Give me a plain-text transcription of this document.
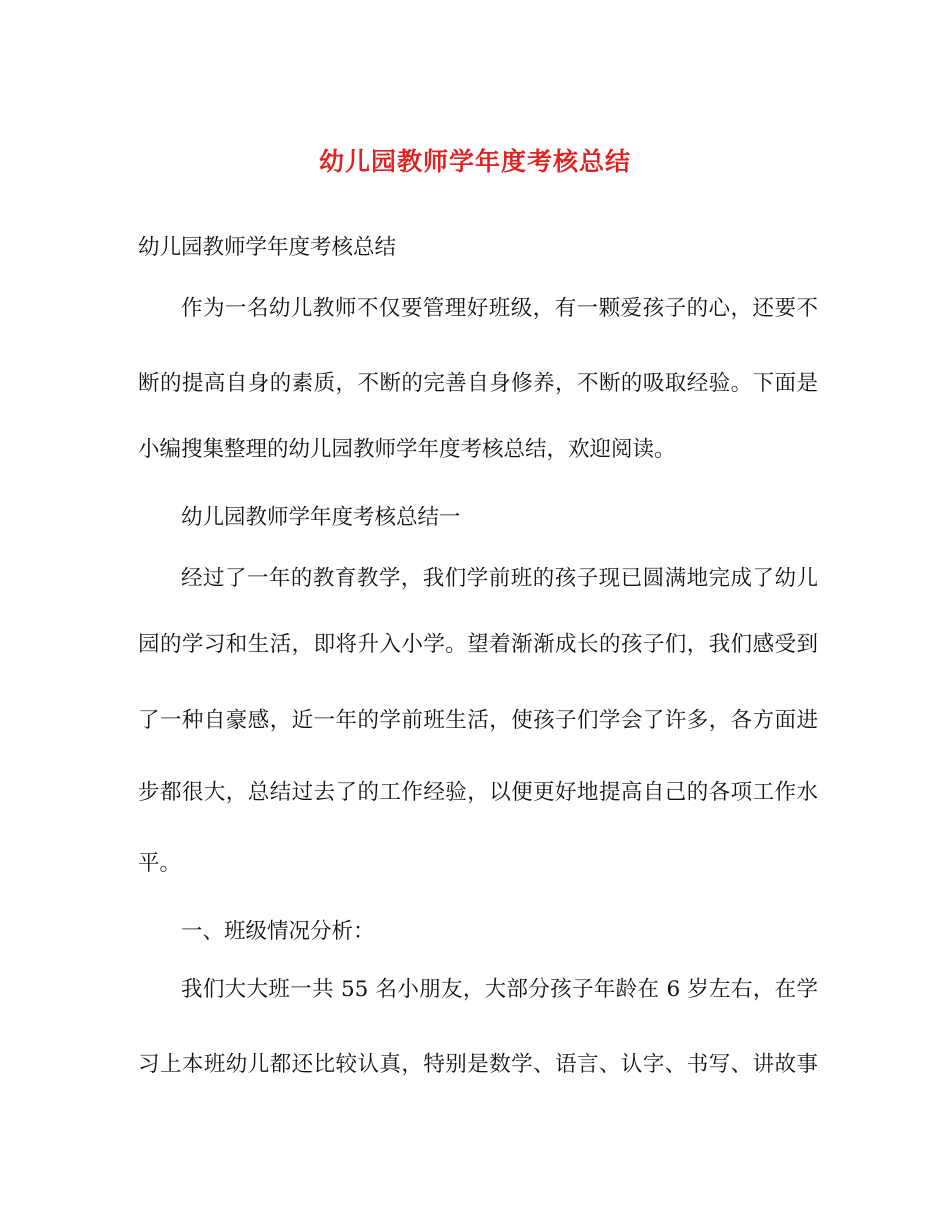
幼儿园教师学年度考核总结
幼儿园教师学年度考核总结
作为一名幼儿教师不仅要管理好班级，有一颗爱孩子的心，还要不
断的提高自身的素质，不断的完善自身修养，不断的吸取经验。下面是
小编搜集整理的幼儿园教师学年度考核总结，欢迎阅读。
幼儿园教师学年度考核总结一
经过了一年的教育教学，我们学前班的孩子现已圆满地完成了幼儿
园的学习和生活，即将升入小学。望着渐渐成长的孩子们，我们感受到
了一种自豪感，近一年的学前班生活，使孩子们学会了许多，各方面进
步都很大，总结过去了的工作经验，以便更好地提高自己的各项工作水
平。
一、班级情况分析：
我们大大班一共 55 名小朋友，大部分孩子年龄在 6 岁左右，在学
习上本班幼儿都还比较认真，特别是数学、语言、认字、书写、讲故事
